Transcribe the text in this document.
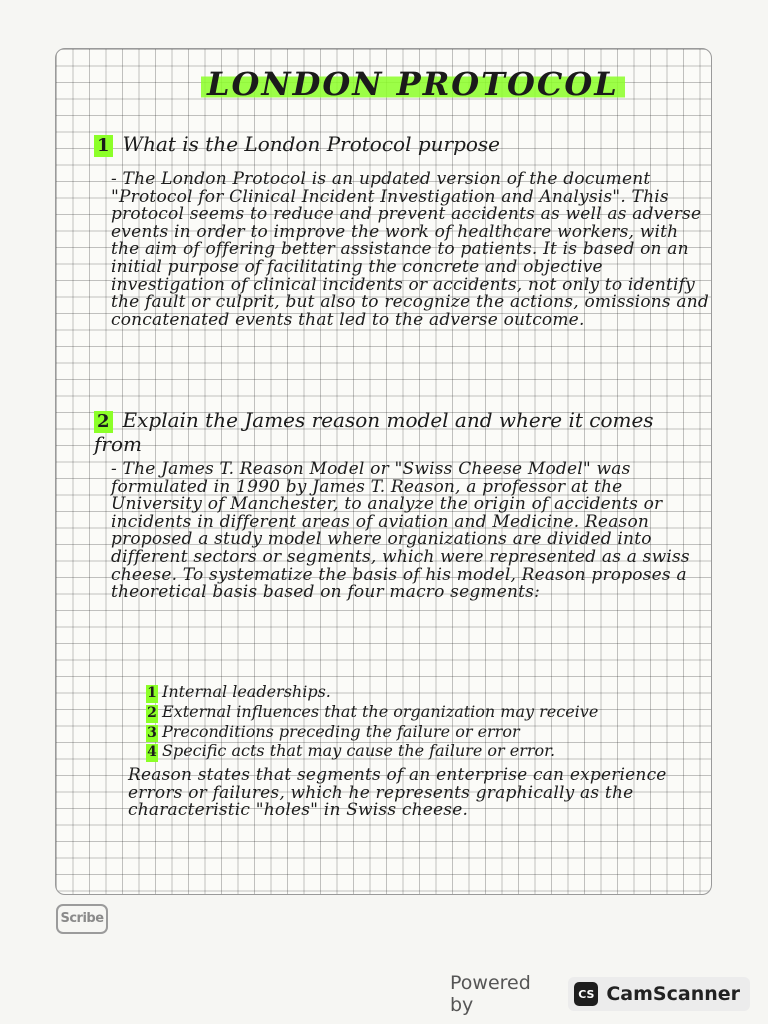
LONDON PROTOCOL
1 What is the London Protocol purpose
- The London Protocol is an updated version of the document "Protocol for Clinical Incident Investigation and Analysis". This protocol seems to reduce and prevent accidents as well as adverse events in order to improve the work of healthcare workers, with the aim of offering better assistance to patients. It is based on an initial purpose of facilitating the concrete and objective investigation of clinical incidents or accidents, not only to identify the fault or culprit, but also to recognize the actions, omissions and concatenated events that led to the adverse outcome.
2 Explain the James reason model and where it comes from
- The James T. Reason Model or "Swiss Cheese Model" was formulated in 1990 by James T. Reason, a professor at the University of Manchester, to analyze the origin of accidents or incidents in different areas of aviation and Medicine. Reason proposed a study model where organizations are divided into different sectors or segments, which were represented as a swiss cheese. To systematize the basis of his model, Reason proposes a theoretical basis based on four macro segments:
1 Internal leaderships.
2 External influences that the organization may receive
3 Preconditions preceding the failure or error
4 Specific acts that may cause the failure or error.
Reason states that segments of an enterprise can experience errors or failures, which he represents graphically as the characteristic "holes" in Swiss cheese.
Scribe
Powered by	CS CamScanner
